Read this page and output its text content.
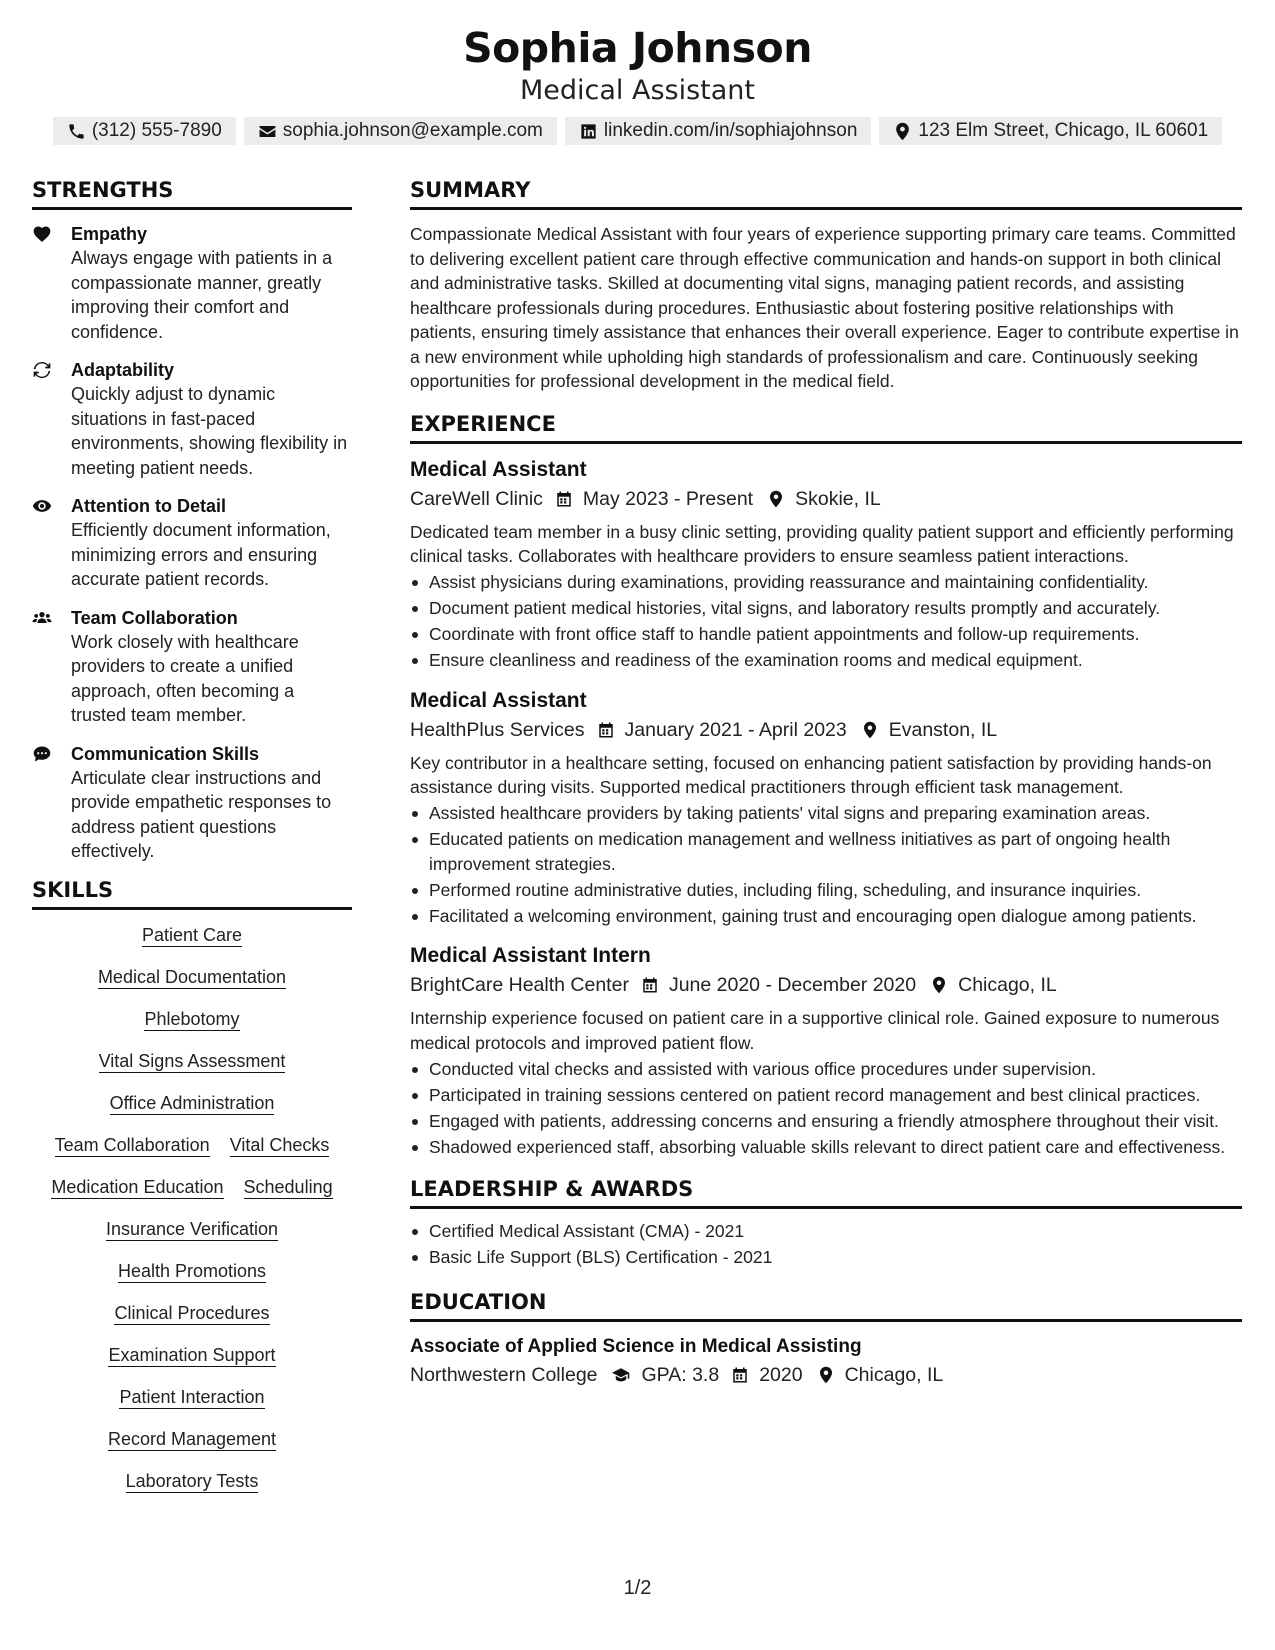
Sophia Johnson
Medical Assistant
(312) 555-7890	sophia.johnson@example.com	linkedin.com/in/sophiajohnson	123 Elm Street, Chicago, IL 60601
STRENGTHS
Empathy

Always engage with patients in a compassionate manner, greatly improving their comfort and confidence.

Adaptability

Quickly adjust to dynamic situations in fast-paced environments, showing flexibility in meeting patient needs.

Attention to Detail

Efficiently document information, minimizing errors and ensuring accurate patient records.

Team Collaboration

Work closely with healthcare providers to create a unified approach, often becoming a trusted team member.

Communication Skills

Articulate clear instructions and provide empathetic responses to address patient questions effectively.

SKILLS
Patient Care
Medical Documentation
Phlebotomy
Vital Signs Assessment
Office Administration
Team Collaboration Vital Checks
Medication Education Scheduling
Insurance Verification
Health Promotions
Clinical Procedures
Examination Support
Patient Interaction
Record Management
Laboratory Tests
SUMMARY

Compassionate Medical Assistant with four years of experience supporting primary care teams. Committed to delivering excellent patient care through effective communication and hands-on support in both clinical and administrative tasks. Skilled at documenting vital signs, managing patient records, and assisting healthcare professionals during procedures. Enthusiastic about fostering positive relationships with patients, ensuring timely assistance that enhances their overall experience. Eager to contribute expertise in a new environment while upholding high standards of professionalism and care. Continuously seeking opportunities for professional development in the medical field.

EXPERIENCE
Medical Assistant
CareWell Clinic May 2023 - Present Skokie, IL

Dedicated team member in a busy clinic setting, providing quality patient support and efficiently performing clinical tasks. Collaborates with healthcare providers to ensure seamless patient interactions.

Assist physicians during examinations, providing reassurance and maintaining confidentiality.
Document patient medical histories, vital signs, and laboratory results promptly and accurately.
Coordinate with front office staff to handle patient appointments and follow-up requirements.
Ensure cleanliness and readiness of the examination rooms and medical equipment.
Medical Assistant
HealthPlus Services January 2021 - April 2023 Evanston, IL

Key contributor in a healthcare setting, focused on enhancing patient satisfaction by providing hands-on assistance during visits. Supported medical practitioners through efficient task management.

Assisted healthcare providers by taking patients' vital signs and preparing examination areas.
Educated patients on medication management and wellness initiatives as part of ongoing health improvement strategies.
Performed routine administrative duties, including filing, scheduling, and insurance inquiries.
Facilitated a welcoming environment, gaining trust and encouraging open dialogue among patients.
Medical Assistant Intern
BrightCare Health Center June 2020 - December 2020 Chicago, IL

Internship experience focused on patient care in a supportive clinical role. Gained exposure to numerous medical protocols and improved patient flow.

Conducted vital checks and assisted with various office procedures under supervision.
Participated in training sessions centered on patient record management and best clinical practices.
Engaged with patients, addressing concerns and ensuring a friendly atmosphere throughout their visit.
Shadowed experienced staff, absorbing valuable skills relevant to direct patient care and effectiveness.
LEADERSHIP & AWARDS
Certified Medical Assistant (CMA) - 2021
Basic Life Support (BLS) Certification - 2021
EDUCATION
Associate of Applied Science in Medical Assisting
Northwestern College GPA: 3.8 2020 Chicago, IL
1/2
